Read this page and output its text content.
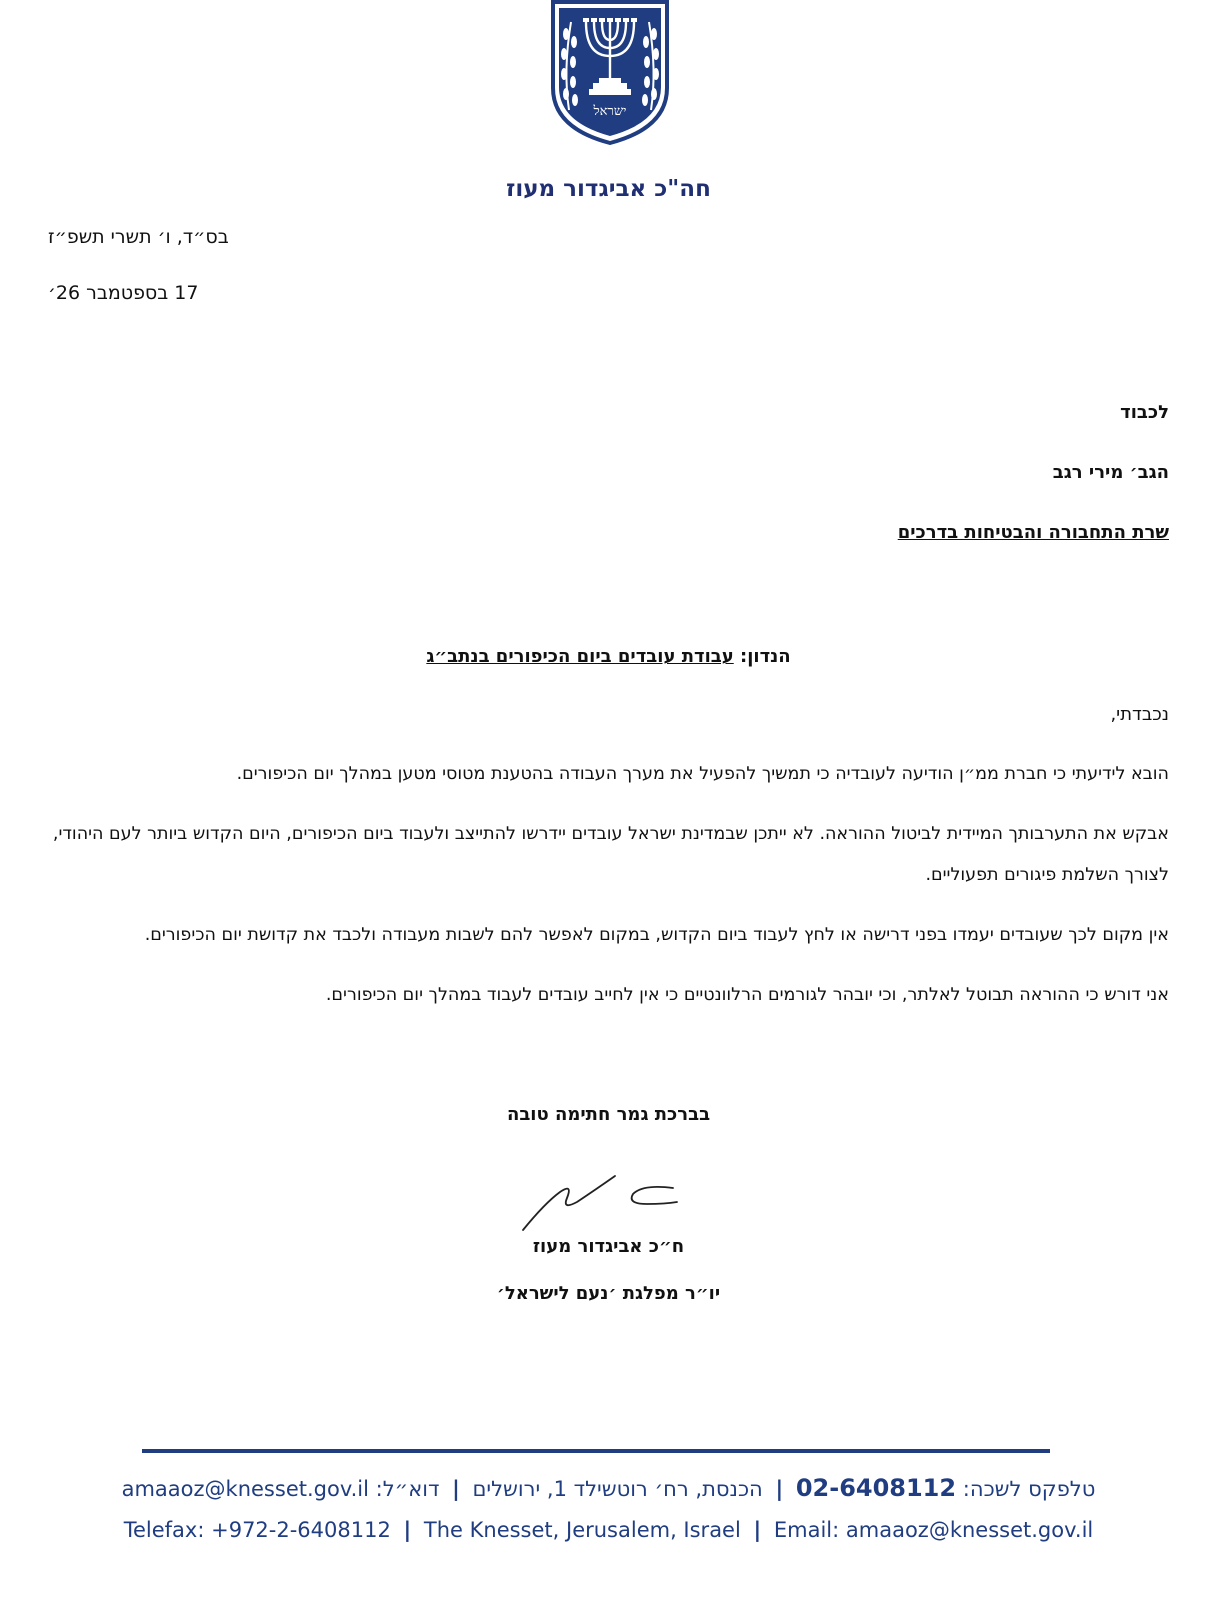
ישראל
חה"כ אביגדור מעוז
בס״ד, ו׳ תשרי תשפ״ז
17 בספטמבר 26׳
לכבוד
הגב׳ מירי רגב
שרת התחבורה והבטיחות בדרכים
הנדון: עבודת עובדים ביום הכיפורים בנתב״ג
נכבדתי,

הובא לידיעתי כי חברת ממ״ן הודיעה לעובדיה כי תמשיך להפעיל את מערך העבודה בהטענת מטוסי מטען במהלך יום הכיפורים.

אבקש את התערבותך המיידית לביטול ההוראה. לא ייתכן שבמדינת ישראל עובדים יידרשו להתייצב ולעבוד ביום הכיפורים, היום הקדוש ביותר לעם היהודי, לצורך השלמת פיגורים תפעוליים.

אין מקום לכך שעובדים יעמדו בפני דרישה או לחץ לעבוד ביום הקדוש, במקום לאפשר להם לשבות מעבודה ולכבד את קדושת יום הכיפורים.

אני דורש כי ההוראה תבוטל לאלתר, וכי יובהר לגורמים הרלוונטיים כי אין לחייב עובדים לעבוד במהלך יום הכיפורים.

בברכת גמר חתימה טובה
ח״כ אביגדור מעוז
יו״ר מפלגת ׳נעם לישראל׳
טלפקס לשכה: 02-6408112 | הכנסת, רח׳ רוטשילד 1, ירושלים | דוא״ל: amaaoz@knesset.gov.il
Telefax: +972-2-6408112 | The Knesset, Jerusalem, Israel | Email: amaaoz@knesset.gov.il
